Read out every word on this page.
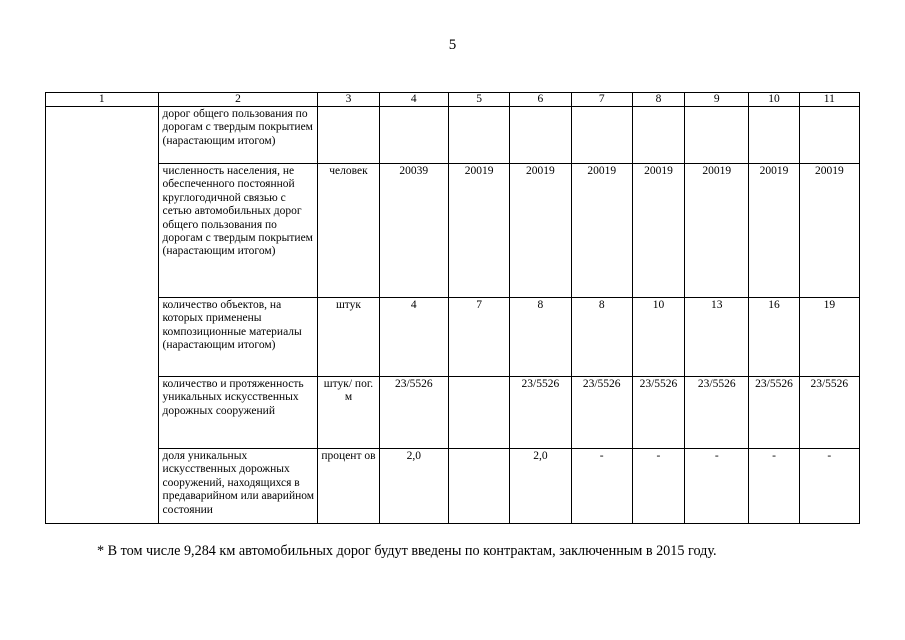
5
1	2	3	4	5	6	7	8	9	10	11
	дорог общего пользования по дорогам с твердым покрытием (нарастающим итогом)									
	численность населения, не обеспеченного постоянной круглогодичной связью с сетью автомобильных дорог общего пользования по дорогам с твердым покрытием (нарастающим итогом)	человек	20039	20019	20019	20019	20019	20019	20019	20019
	количество объектов, на которых применены композиционные материалы (нарастающим итогом)	штук	4	7	8	8	10	13	16	19
	количество и протяженность уникальных искусственных дорожных сооружений	штук/ пог. м	23/5526		23/5526	23/5526	23/5526	23/5526	23/5526	23/5526
	доля уникальных искусственных дорожных сооружений, находящихся в предаварийном или аварийном состоянии	процент ов	2,0		2,0	-	-	-	-	-
* В том числе 9,284 км автомобильных дорог будут введены по контрактам, заключенным в 2015 году.
